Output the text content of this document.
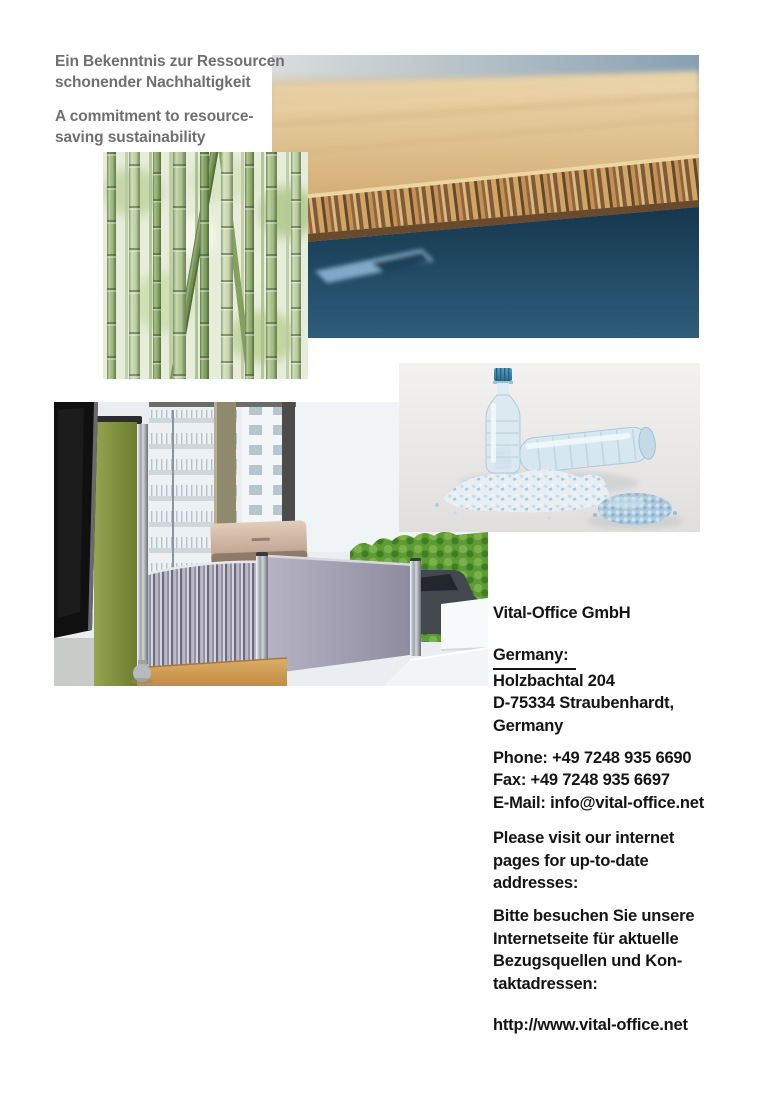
Ein Bekenntnis zur Ressourcen
schonender Nachhaltigkeit
A commitment to resource-
saving sustainability
Vital-Office GmbH
Germany:
Holzbachtal 204
D-75334 Straubenhardt,
Germany
Phone: +49 7248 935 6690
Fax: +49 7248 935 6697
E-Mail: info@vital-office.net
Please visit our internet
pages for up-to-date
addresses:
Bitte besuchen Sie unsere
Internetseite für aktuelle
Bezugsquellen und Kon-
taktadressen:
http://www.vital-office.net
